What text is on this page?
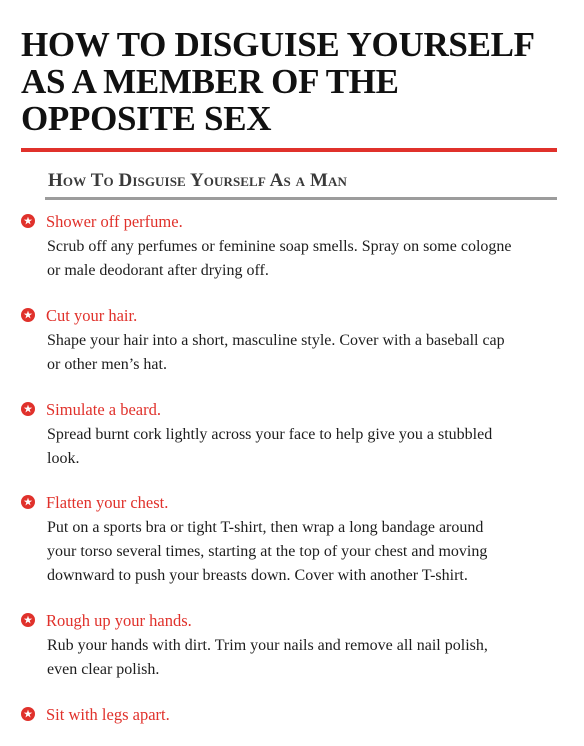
HOW TO DISGUISE YOURSELF
AS A MEMBER OF THE
OPPOSITE SEX
How To Disguise Yourself As a Man
Shower off perfume.
Scrub off any perfumes or feminine soap smells. Spray on some cologne
or male deodorant after drying off.
Cut your hair.
Shape your hair into a short, masculine style. Cover with a baseball cap
or other men’s hat.
Simulate a beard.
Spread burnt cork lightly across your face to help give you a stubbled
look.
Flatten your chest.
Put on a sports bra or tight T-shirt, then wrap a long bandage around
your torso several times, starting at the top of your chest and moving
downward to push your breasts down. Cover with another T-shirt.
Rough up your hands.
Rub your hands with dirt. Trim your nails and remove all nail polish,
even clear polish.
Sit with legs apart.
